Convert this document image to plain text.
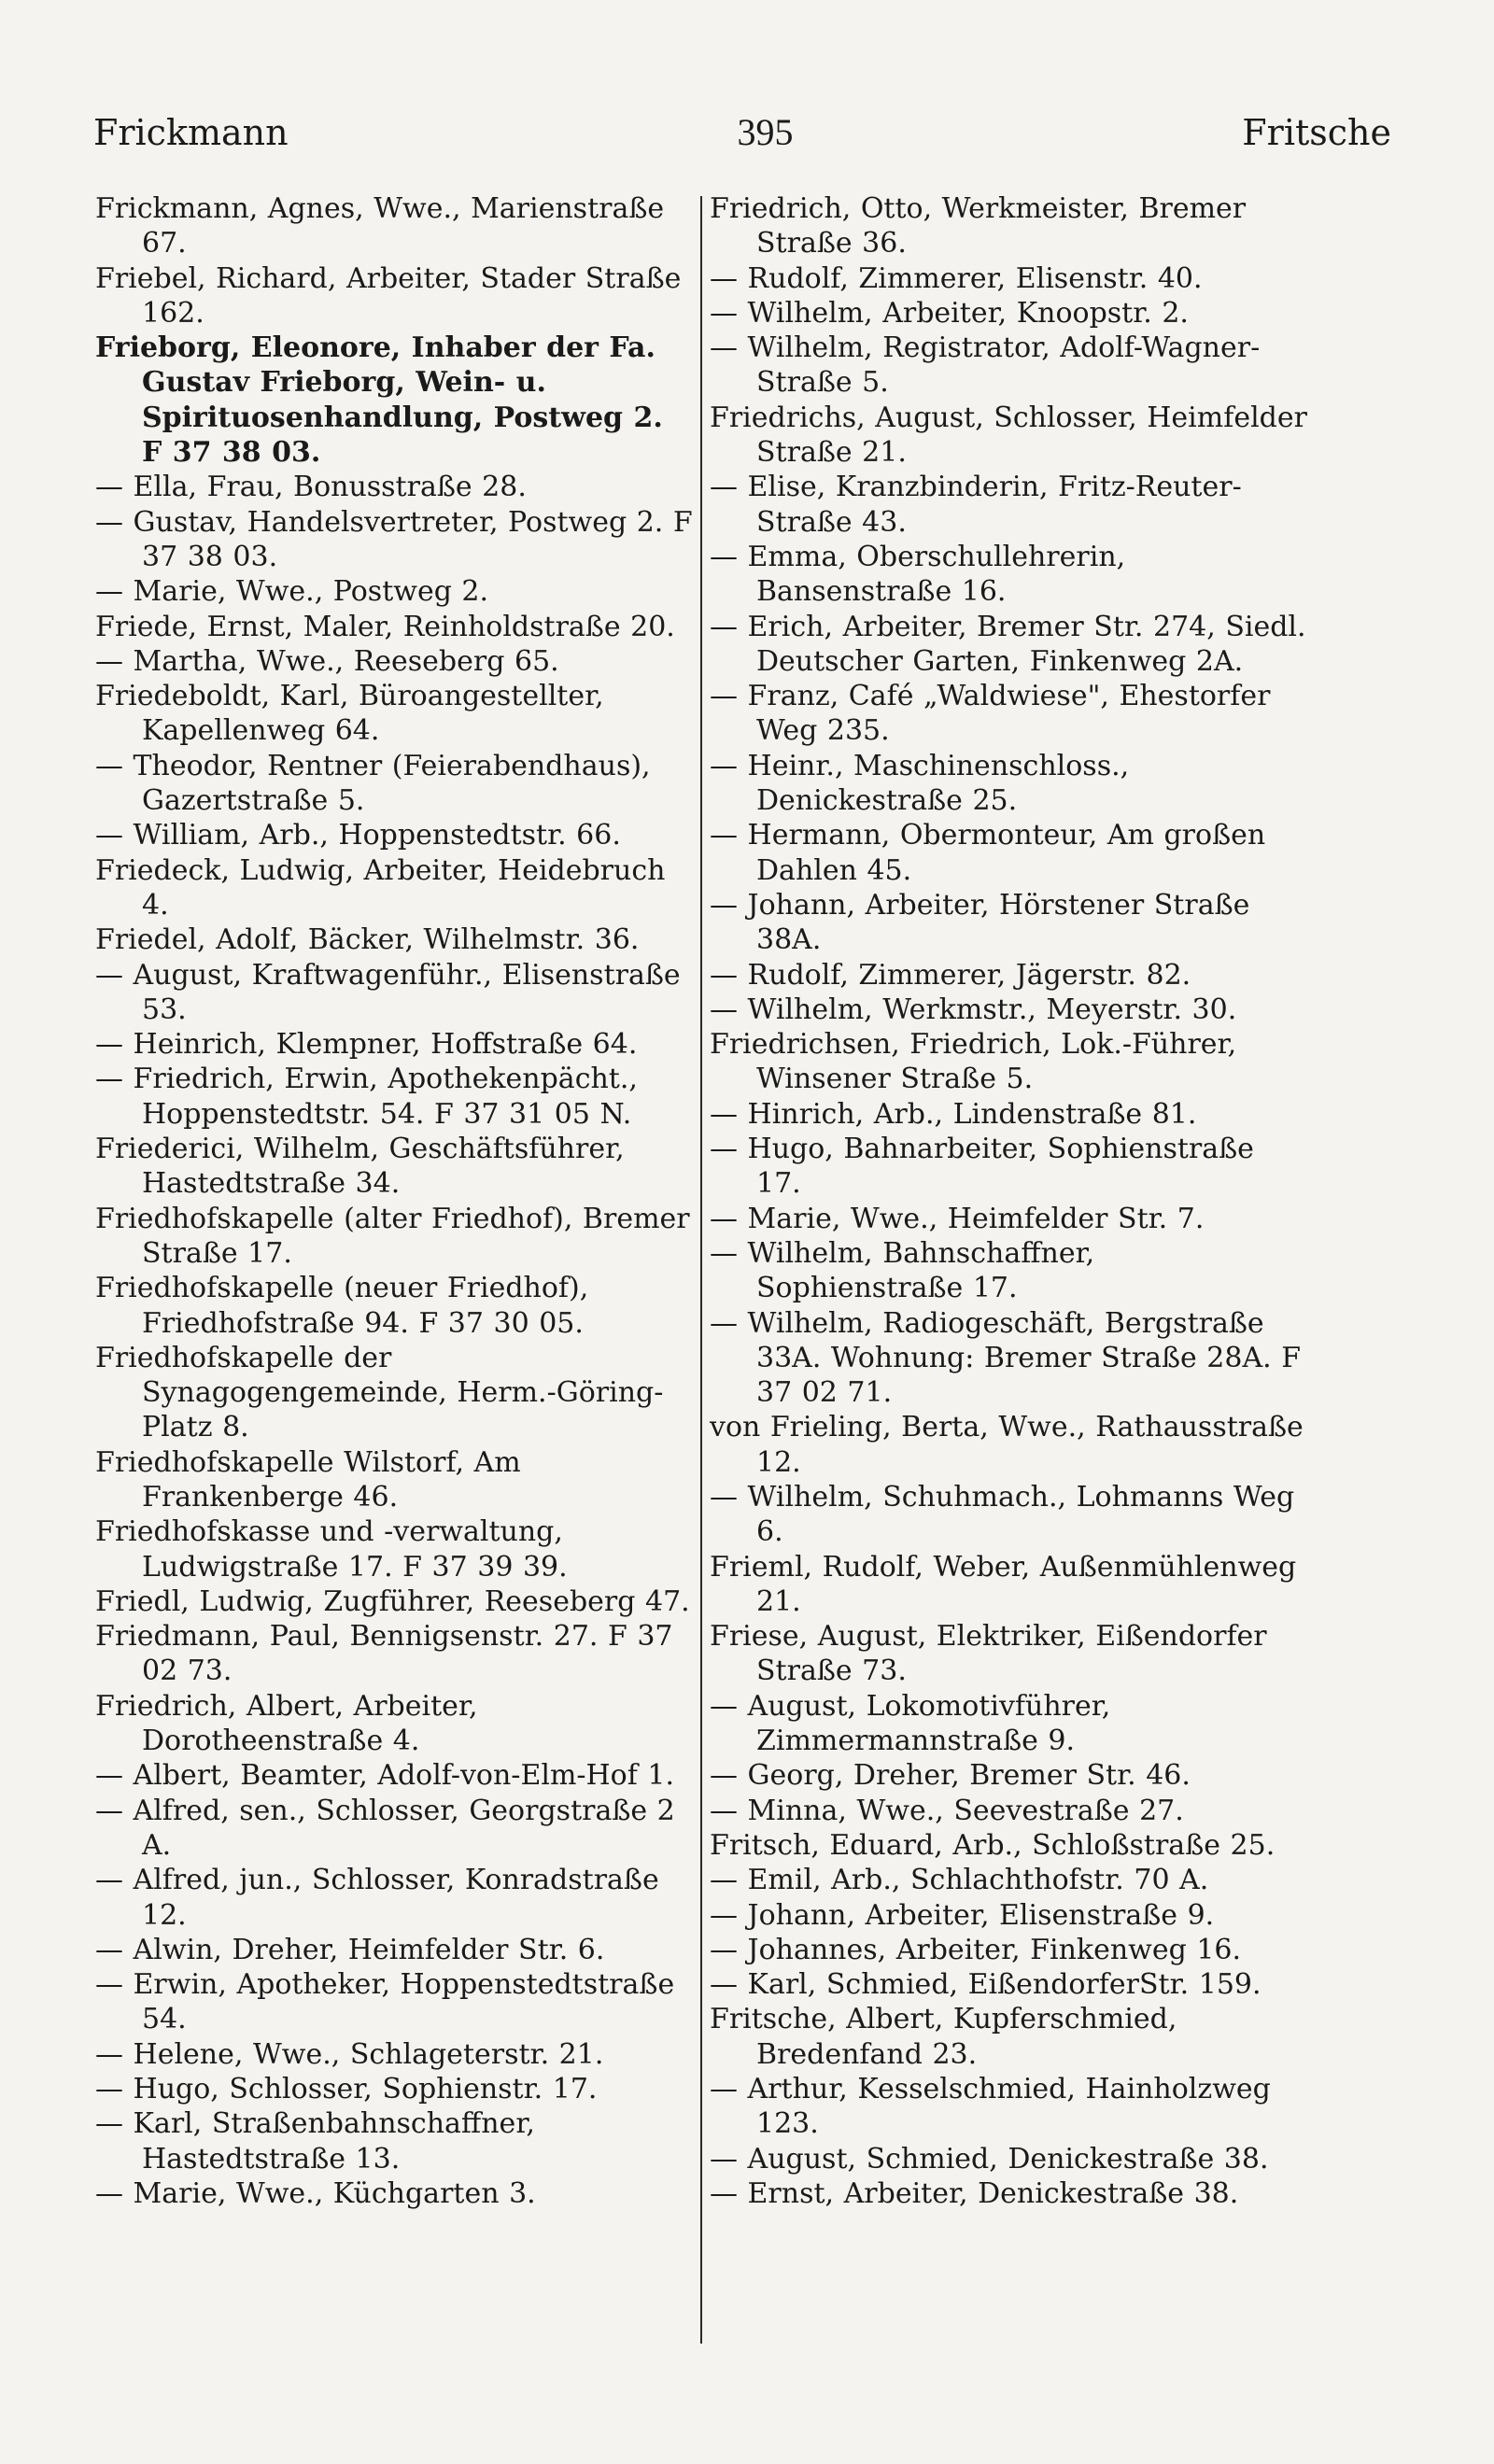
Frickmann	395	Fritsche
Frickmann, Agnes, Wwe., Marienstraße 67.
Friebel, Richard, Arbeiter, Stader Straße 162.
Frieborg, Eleonore, Inhaber der Fa. Gustav Frieborg, Wein- u. Spirituosenhandlung, Postweg 2. F 37 38 03.
— Ella, Frau, Bonusstraße 28.
— Gustav, Handelsvertreter, Postweg 2. F 37 38 03.
— Marie, Wwe., Postweg 2.
Friede, Ernst, Maler, Reinholdstraße 20.
— Martha, Wwe., Reeseberg 65.
Friedeboldt, Karl, Büroangestellter, Kapellenweg 64.
— Theodor, Rentner (Feierabendhaus), Gazertstraße 5.
— William, Arb., Hoppenstedtstr. 66.
Friedeck, Ludwig, Arbeiter, Heidebruch 4.
Friedel, Adolf, Bäcker, Wilhelmstr. 36.
— August, Kraftwagenführ., Elisenstraße 53.
— Heinrich, Klempner, Hoffstraße 64.
— Friedrich, Erwin, Apothekenpächt., Hoppenstedtstr. 54. F 37 31 05 N.
Friederici, Wilhelm, Geschäftsführer, Hastedtstraße 34.
Friedhofskapelle (alter Friedhof), Bremer Straße 17.
Friedhofskapelle (neuer Friedhof), Friedhofstraße 94. F 37 30 05.
Friedhofskapelle der Synagogengemeinde, Herm.-Göring-Platz 8.
Friedhofskapelle Wilstorf, Am Frankenberge 46.
Friedhofskasse und -verwaltung, Ludwigstraße 17. F 37 39 39.
Friedl, Ludwig, Zugführer, Reeseberg 47.
Friedmann, Paul, Bennigsenstr. 27. F 37 02 73.
Friedrich, Albert, Arbeiter, Dorotheenstraße 4.
— Albert, Beamter, Adolf-von-Elm-Hof 1.
— Alfred, sen., Schlosser, Georgstraße 2 A.
— Alfred, jun., Schlosser, Konradstraße 12.
— Alwin, Dreher, Heimfelder Str. 6.
— Erwin, Apotheker, Hoppenstedtstraße 54.
— Helene, Wwe., Schlageterstr. 21.
— Hugo, Schlosser, Sophienstr. 17.
— Karl, Straßenbahnschaffner, Hastedtstraße 13.
— Marie, Wwe., Küchgarten 3.
Friedrich, Otto, Werkmeister, Bremer Straße 36.
— Rudolf, Zimmerer, Elisenstr. 40.
— Wilhelm, Arbeiter, Knoopstr. 2.
— Wilhelm, Registrator, Adolf-Wagner-Straße 5.
Friedrichs, August, Schlosser, Heimfelder Straße 21.
— Elise, Kranzbinderin, Fritz-Reuter-Straße 43.
— Emma, Oberschullehrerin, Bansenstraße 16.
— Erich, Arbeiter, Bremer Str. 274, Siedl. Deutscher Garten, Finkenweg 2A.
— Franz, Café „Waldwiese", Ehestorfer Weg 235.
— Heinr., Maschinenschloss., Denickestraße 25.
— Hermann, Obermonteur, Am großen Dahlen 45.
— Johann, Arbeiter, Hörstener Straße 38A.
— Rudolf, Zimmerer, Jägerstr. 82.
— Wilhelm, Werkmstr., Meyerstr. 30.
Friedrichsen, Friedrich, Lok.-Führer, Winsener Straße 5.
— Hinrich, Arb., Lindenstraße 81.
— Hugo, Bahnarbeiter, Sophienstraße 17.
— Marie, Wwe., Heimfelder Str. 7.
— Wilhelm, Bahnschaffner, Sophienstraße 17.
— Wilhelm, Radiogeschäft, Bergstraße 33A. Wohnung: Bremer Straße 28A. F 37 02 71.
von Frieling, Berta, Wwe., Rathausstraße 12.
— Wilhelm, Schuhmach., Lohmanns Weg 6.
Frieml, Rudolf, Weber, Außenmühlenweg 21.
Friese, August, Elektriker, Eißendorfer Straße 73.
— August, Lokomotivführer, Zimmermannstraße 9.
— Georg, Dreher, Bremer Str. 46.
— Minna, Wwe., Seevestraße 27.
Fritsch, Eduard, Arb., Schloßstraße 25.
— Emil, Arb., Schlachthofstr. 70 A.
— Johann, Arbeiter, Elisenstraße 9.
— Johannes, Arbeiter, Finkenweg 16.
— Karl, Schmied, EißendorferStr. 159.
Fritsche, Albert, Kupferschmied, Bredenfand 23.
— Arthur, Kesselschmied, Hainholzweg 123.
— August, Schmied, Denickestraße 38.
— Ernst, Arbeiter, Denickestraße 38.
